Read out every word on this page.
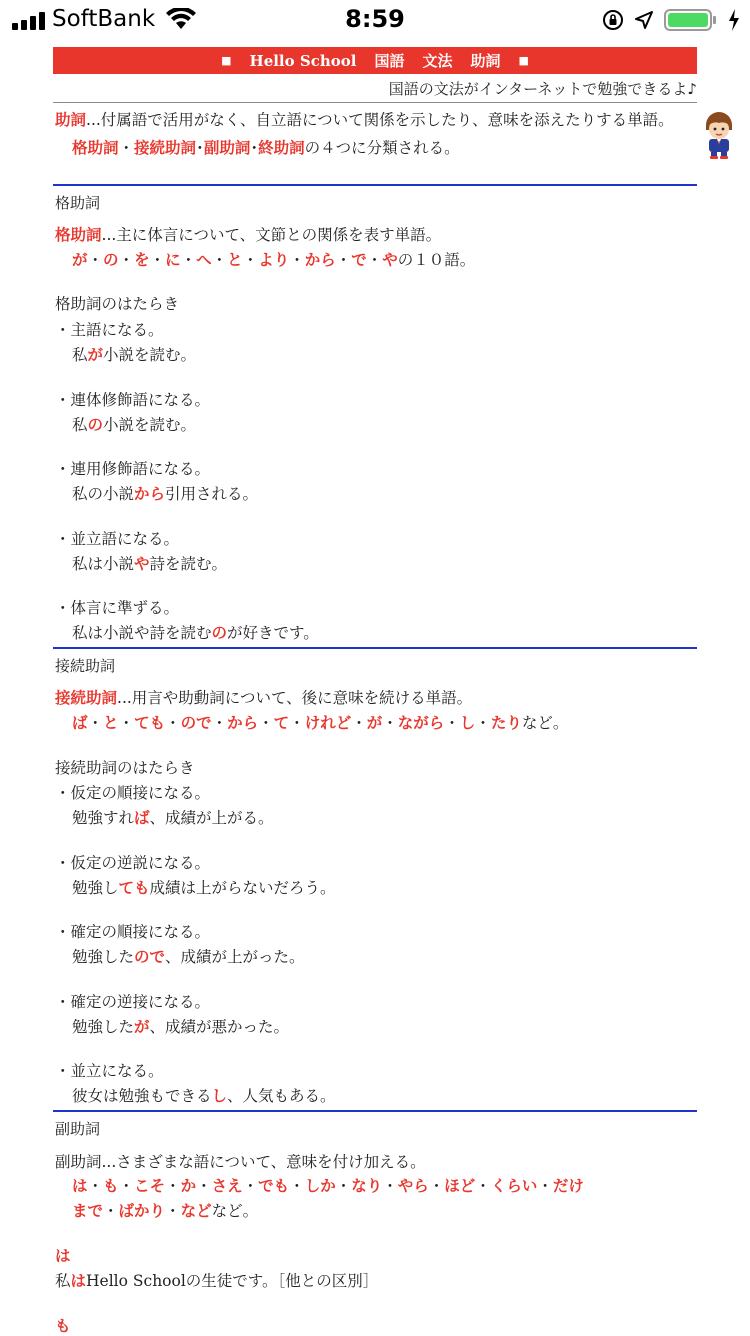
SoftBank	8:59
■ Hello School 国語 文法 助詞 ■
国語の文法がインターネットで勉強できるよ♪
助詞...付属語で活用がなく、自立語について関係を示したり、意味を添えたりする単語。
格助詞・接続助詞･副助詞･終助詞の４つに分類される。
格助詞
格助詞...主に体言について、文節との関係を表す単語。
が・の・を・に・へ・と・より・から・で・やの１０語。
格助詞のはたらき
・主語になる。
私が小説を読む。
・連体修飾語になる。
私の小説を読む。
・連用修飾語になる。
私の小説から引用される。
・並立語になる。
私は小説や詩を読む。
・体言に準ずる。
私は小説や詩を読むのが好きです。
接続助詞
接続助詞...用言や助動詞について、後に意味を続ける単語。
ば・と・ても・ので・から・て・けれど・が・ながら・し・たりなど。
接続助詞のはたらき
・仮定の順接になる。
勉強すれば、成績が上がる。
・仮定の逆説になる。
勉強しても成績は上がらないだろう。
・確定の順接になる。
勉強したので、成績が上がった。
・確定の逆接になる。
勉強したが、成績が悪かった。
・並立になる。
彼女は勉強もできるし、人気もある。
副助詞
副助詞...さまざまな語について、意味を付け加える。
は・も・こそ・か・さえ・でも・しか・なり・やら・ほど・くらい・だけ
まで・ばかり・などなど。
は
私はHello Schoolの生徒です。［他との区別］
も
